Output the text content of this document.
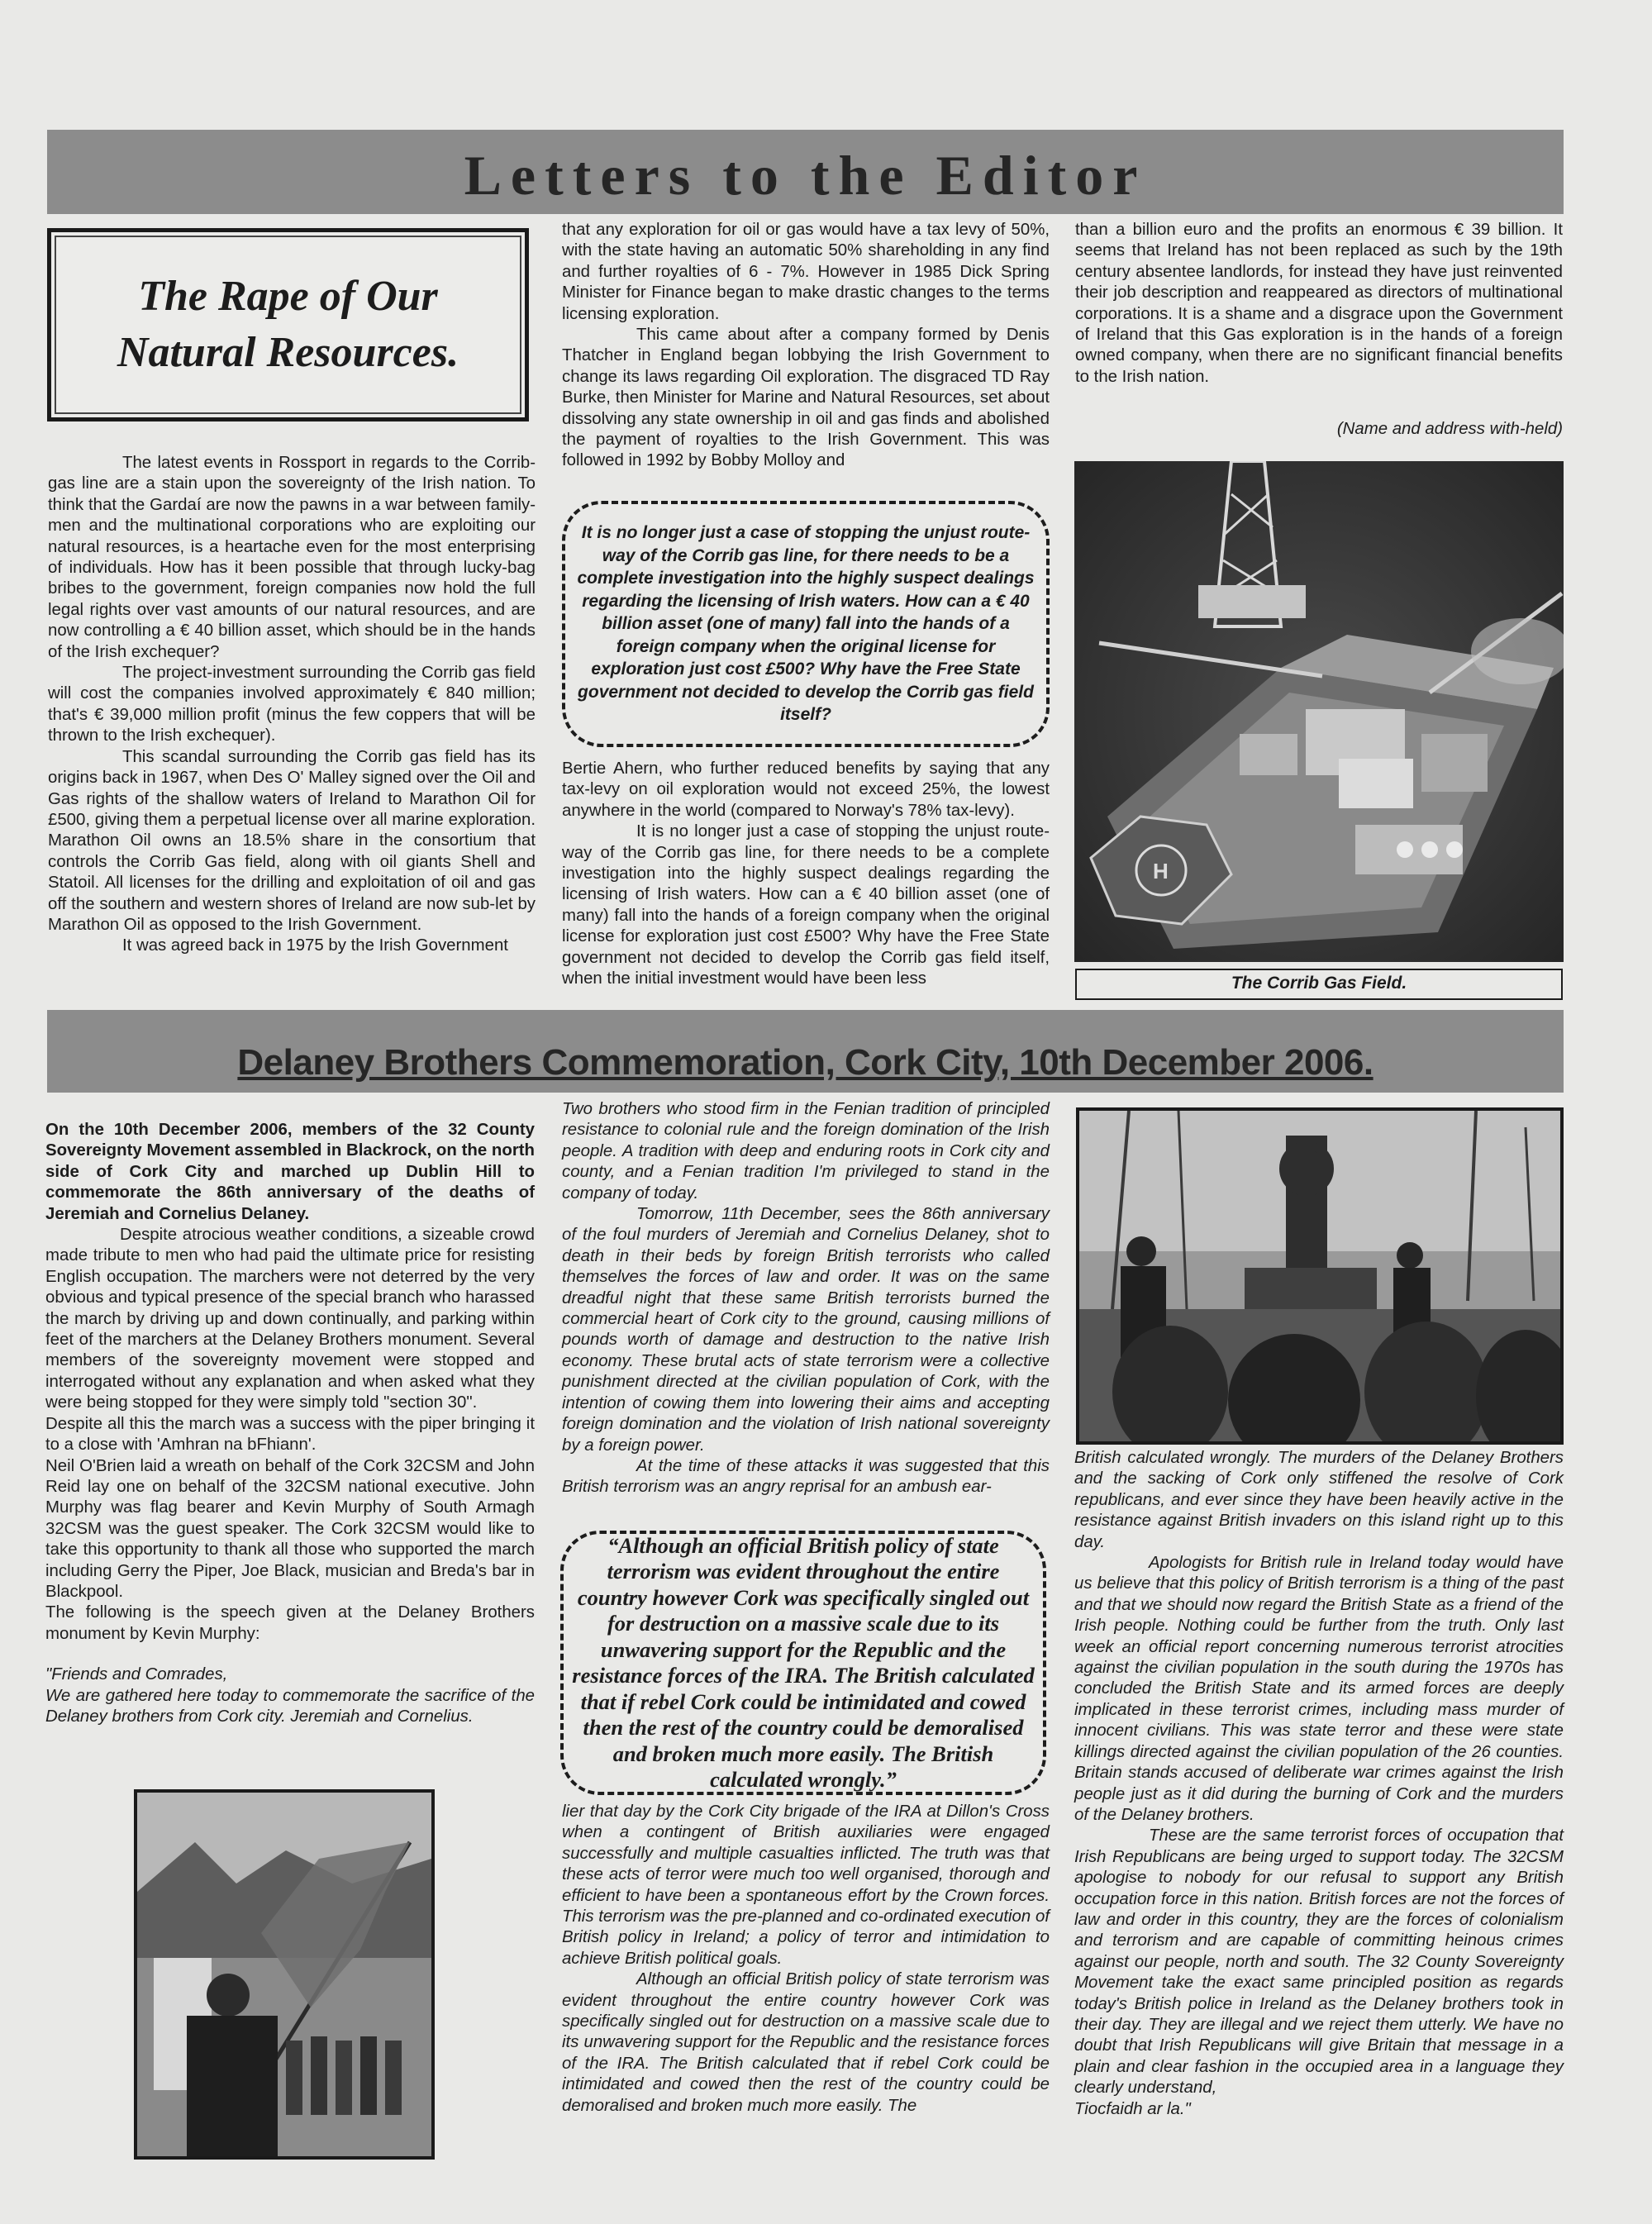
Letters to the Editor
The Rape of Our Natural Resources.

The latest events in Rossport in regards to the Corrib-gas line are a stain upon the sovereignty of the Irish nation. To think that the Gardaí are now the pawns in a war between family-men and the multinational corporations who are exploiting our natural resources, is a heartache even for the most enterprising of individuals. How has it been possible that through lucky-bag bribes to the government, foreign companies now hold the full legal rights over vast amounts of our natural resources, and are now controlling a € 40 billion asset, which should be in the hands of the Irish exchequer?

The project-investment surrounding the Corrib gas field will cost the companies involved approximately € 840 million; that's € 39,000 million profit (minus the few coppers that will be thrown to the Irish exchequer).

This scandal surrounding the Corrib gas field has its origins back in 1967, when Des O' Malley signed over the Oil and Gas rights of the shallow waters of Ireland to Marathon Oil for £500, giving them a perpetual license over all marine exploration. Marathon Oil owns an 18.5% share in the consortium that controls the Corrib Gas field, along with oil giants Shell and Statoil. All licenses for the drilling and exploitation of oil and gas off the southern and western shores of Ireland are now sub-let by Marathon Oil as opposed to the Irish Government.

It was agreed back in 1975 by the Irish Government

that any exploration for oil or gas would have a tax levy of 50%, with the state having an automatic 50% shareholding in any find and further royalties of 6 - 7%. However in 1985 Dick Spring Minister for Finance began to make drastic changes to the terms licensing exploration.

This came about after a company formed by Denis Thatcher in England began lobbying the Irish Government to change its laws regarding Oil exploration. The disgraced TD Ray Burke, then Minister for Marine and Natural Resources, set about dissolving any state ownership in oil and gas finds and abolished the payment of royalties to the Irish Government. This was followed in 1992 by Bobby Molloy and

It is no longer just a case of stopping the unjust route-way of the Corrib gas line, for there needs to be a complete investigation into the highly suspect dealings regarding the licensing of Irish waters. How can a € 40 billion asset (one of many) fall into the hands of a foreign company when the original license for exploration just cost £500? Why have the Free State government not decided to develop the Corrib gas field itself?

Bertie Ahern, who further reduced benefits by saying that any tax-levy on oil exploration would not exceed 25%, the lowest anywhere in the world (compared to Norway's 78% tax-levy).

It is no longer just a case of stopping the unjust route-way of the Corrib gas line, for there needs to be a complete investigation into the highly suspect dealings regarding the licensing of Irish waters. How can a € 40 billion asset (one of many) fall into the hands of a foreign company when the original license for exploration just cost £500? Why have the Free State government not decided to develop the Corrib gas field itself, when the initial investment would have been less

than a billion euro and the profits an enormous € 39 billion. It seems that Ireland has not been replaced as such by the 19th century absentee landlords, for instead they have just reinvented their job description and reappeared as directors of multinational corporations. It is a shame and a disgrace upon the Government of Ireland that this Gas exploration is in the hands of a foreign owned company, when there are no significant financial benefits to the Irish nation.

(Name and address with-held)
H
The Corrib Gas Field.
Delaney Brothers Commemoration, Cork City, 10th December 2006.

On the 10th December 2006, members of the 32 County Sovereignty Movement assembled in Blackrock, on the north side of Cork City and marched up Dublin Hill to commemorate the 86th anniversary of the deaths of Jeremiah and Cornelius Delaney.

Despite atrocious weather conditions, a sizeable crowd made tribute to men who had paid the ultimate price for resisting English occupation. The marchers were not deterred by the very obvious and typical presence of the special branch who harassed the march by driving up and down continually, and parking within feet of the marchers at the Delaney Brothers monument. Several members of the sovereignty movement were stopped and interrogated without any explanation and when asked what they were being stopped for they were simply told "section 30".

Despite all this the march was a success with the piper bringing it to a close with 'Amhran na bFhiann'.

Neil O'Brien laid a wreath on behalf of the Cork 32CSM and John Reid lay one on behalf of the 32CSM national executive. John Murphy was flag bearer and Kevin Murphy of South Armagh 32CSM was the guest speaker. The Cork 32CSM would like to take this opportunity to thank all those who supported the march including Gerry the Piper, Joe Black, musician and Breda's bar in Blackpool.

The following is the speech given at the Delaney Brothers monument by Kevin Murphy:

"Friends and Comrades,

We are gathered here today to commemorate the sacrifice of the Delaney brothers from Cork city. Jeremiah and Cornelius.

Two brothers who stood firm in the Fenian tradition of principled resistance to colonial rule and the foreign domination of the Irish people. A tradition with deep and enduring roots in Cork city and county, and a Fenian tradition I'm privileged to stand in the company of today.

Tomorrow, 11th December, sees the 86th anniversary of the foul murders of Jeremiah and Cornelius Delaney, shot to death in their beds by foreign British terrorists who called themselves the forces of law and order. It was on the same dreadful night that these same British terrorists burned the commercial heart of Cork city to the ground, causing millions of pounds worth of damage and destruction to the native Irish economy. These brutal acts of state terrorism were a collective punishment directed at the civilian population of Cork, with the intention of cowing them into lowering their aims and accepting foreign domination and the violation of Irish national sovereignty by a foreign power.

At the time of these attacks it was suggested that this British terrorism was an angry reprisal for an ambush ear-

“Although an official British policy of state terrorism was evident throughout the entire country however Cork was specifically singled out for destruction on a massive scale due to its unwavering support for the Republic and the resistance forces of the IRA. The British calculated that if rebel Cork could be intimidated and cowed then the rest of the country could be demoralised and broken much more easily. The British calculated wrongly.”

lier that day by the Cork City brigade of the IRA at Dillon's Cross when a contingent of British auxiliaries were engaged successfully and multiple casualties inflicted. The truth was that these acts of terror were much too well organised, thorough and efficient to have been a spontaneous effort by the Crown forces. This terrorism was the pre-planned and co-ordinated execution of British policy in Ireland; a policy of terror and intimidation to achieve British political goals.

Although an official British policy of state terrorism was evident throughout the entire country however Cork was specifically singled out for destruction on a massive scale due to its unwavering support for the Republic and the resistance forces of the IRA. The British calculated that if rebel Cork could be intimidated and cowed then the rest of the country could be demoralised and broken much more easily. The

British calculated wrongly. The murders of the Delaney Brothers and the sacking of Cork only stiffened the resolve of Cork republicans, and ever since they have been heavily active in the resistance against British invaders on this island right up to this day.

Apologists for British rule in Ireland today would have us believe that this policy of British terrorism is a thing of the past and that we should now regard the British State as a friend of the Irish people. Nothing could be further from the truth. Only last week an official report concerning numerous terrorist atrocities against the civilian population in the south during the 1970s has concluded the British State and its armed forces are deeply implicated in these terrorist crimes, including mass murder of innocent civilians. This was state terror and these were state killings directed against the civilian population of the 26 counties. Britain stands accused of deliberate war crimes against the Irish people just as it did during the burning of Cork and the murders of the Delaney brothers.

These are the same terrorist forces of occupation that Irish Republicans are being urged to support today. The 32CSM apologise to nobody for our refusal to support any British occupation force in this nation. British forces are not the forces of law and order in this country, they are the forces of colonialism and terrorism and are capable of committing heinous crimes against our people, north and south. The 32 County Sovereignty Movement take the exact same principled position as regards today's British police in Ireland as the Delaney brothers took in their day. They are illegal and we reject them utterly. We have no doubt that Irish Republicans will give Britain that message in a plain and clear fashion in the occupied area in a language they clearly understand,

Tiocfaidh ar la."
